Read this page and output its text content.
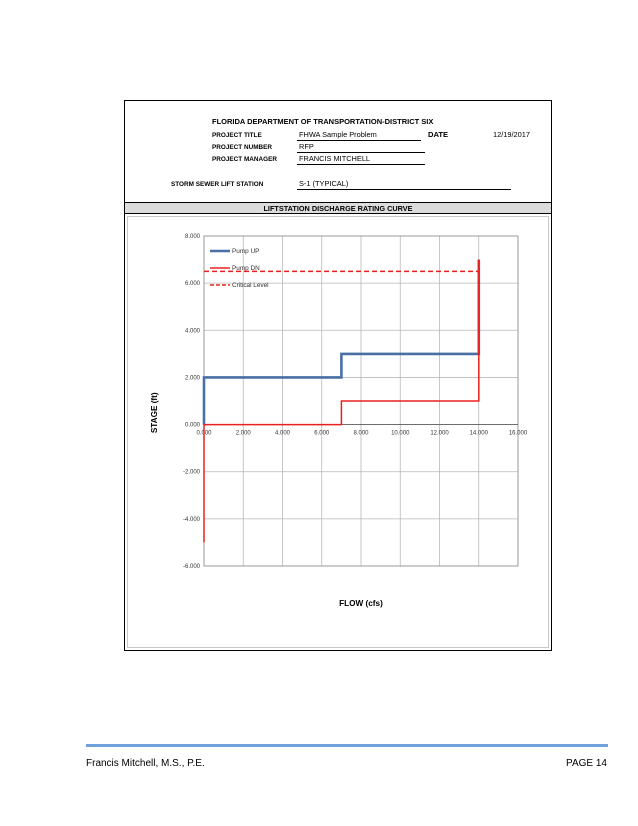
FLORIDA DEPARTMENT OF TRANSPORTATION-DISTRICT SIX
PROJECT TITLE	FHWA Sample Problem	DATE	12/19/2017
PROJECT NUMBER	RFP
PROJECT MANAGER	FRANCIS MITCHELL
STORM SEWER LIFT STATION	S-1 (TYPICAL)
LIFTSTATION DISCHARGE RATING CURVE
0.000	2.000	4.000	6.000	8.000	10.000	12.000	14.000	16.000
-6.000
-4.000
-2.000
0.000
2.000
4.000
6.000
8.000
Pump UP
Pump DN
Critical Level
FLOW (cfs)
STAGE (ft)
Francis Mitchell, M.S., P.E.	PAGE 14
